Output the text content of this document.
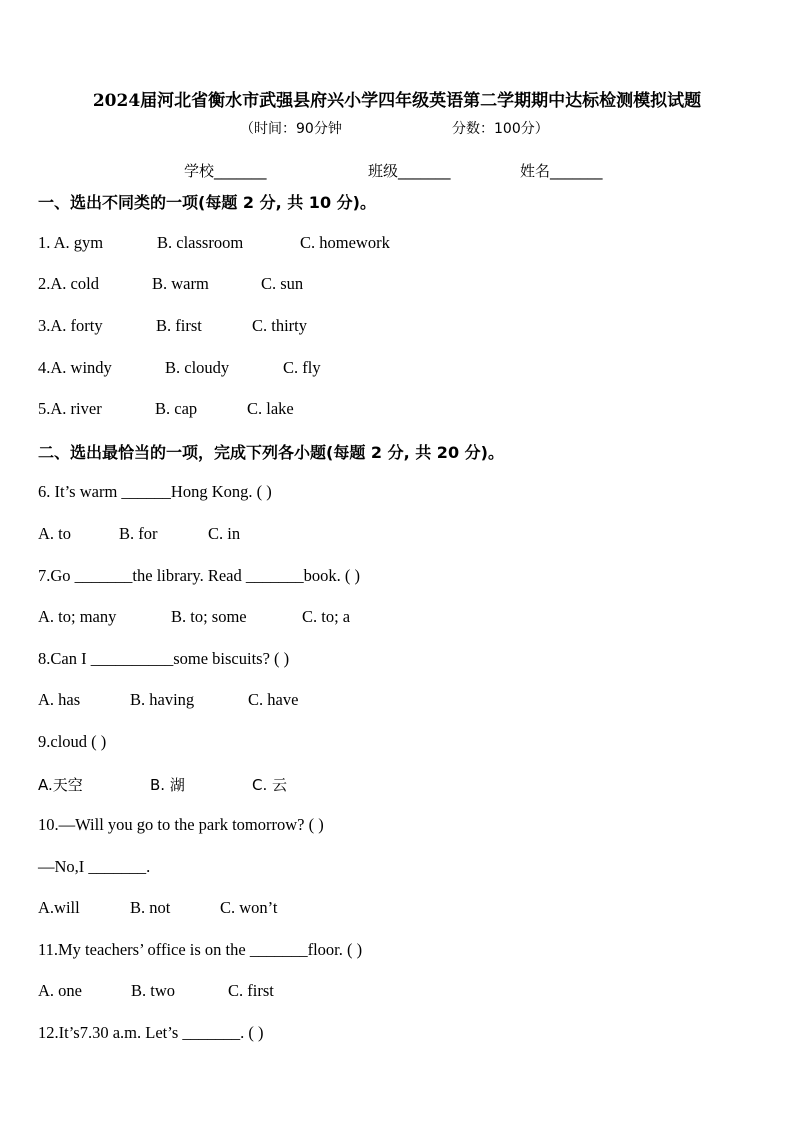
2024届河北省衡水市武强县府兴小学四年级英语第二学期期中达标检测模拟试题
（时间：90分钟	分数：100分）
学校_______	班级_______	姓名_______
一、选出不同类的一项(每题 2 分, 共 10 分)。
1. A. gym	B. classroom	C. homework
2.A. cold	B. warm	C. sun
3.A. forty	B. first	C. thirty
4.A. windy	B. cloudy	C. fly
5.A. river	B. cap	C. lake
二、选出最恰当的一项，完成下列各小题(每题 2 分, 共 20 分)。
6. It’s warm ______Hong Kong. ( )
A. to	B. for	C. in
7.Go _______the library. Read _______book. ( )
A. to; many	B. to; some	C. to; a
8.Can I __________some biscuits? ( )
A. has	B. having	C. have
9.cloud ( )
A.天空	B. 湖	C. 云
10.—Will you go to the park tomorrow? ( )
—No,I _______.
A.will	B. not	C. won’t
11.My teachers’ office is on the _______floor. ( )
A. one	B. two	C. first
12.It’s7.30 a.m. Let’s _______. ( )
